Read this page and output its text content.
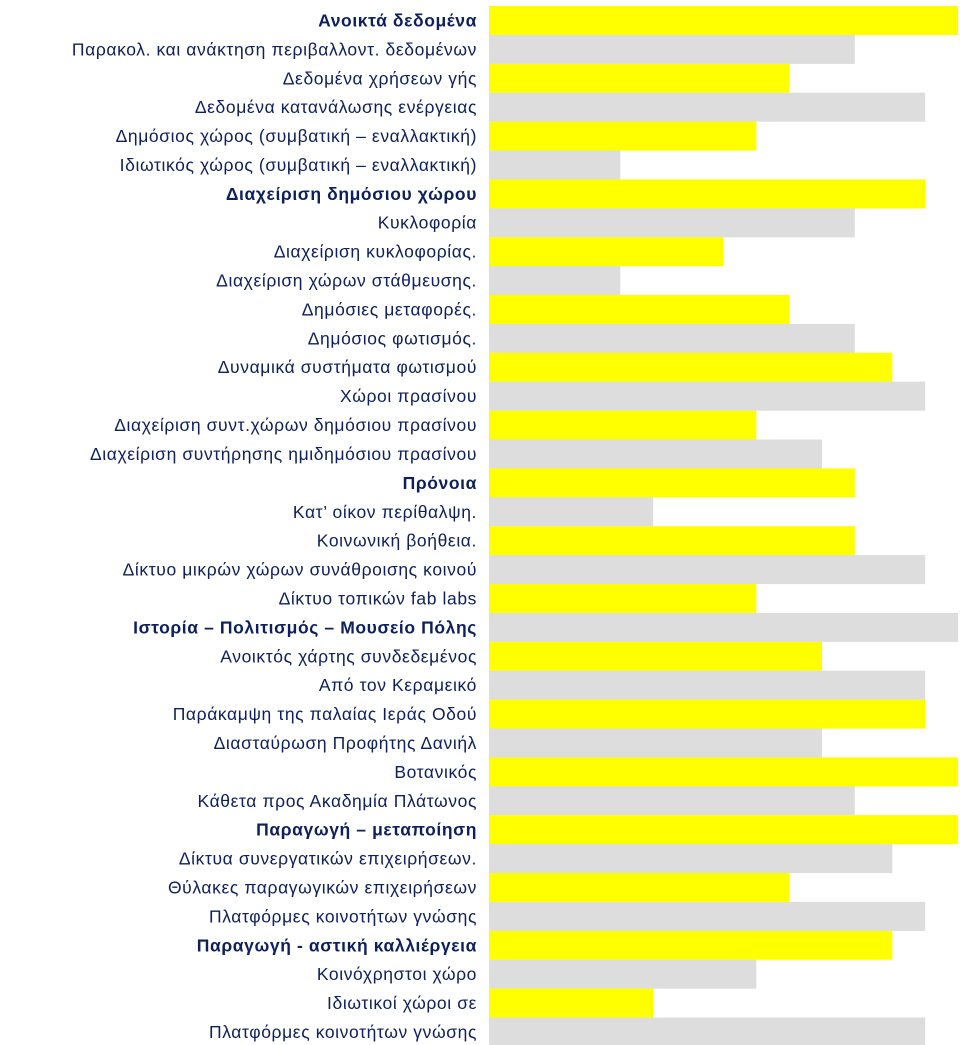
Ανοικτά δεδομένα
Παρακολ. και ανάκτηση περιβαλλοντ. δεδομένων
Δεδομένα χρήσεων γής
Δεδομένα κατανάλωσης ενέργειας
Δημόσιος χώρος (συμβατική – εναλλακτική)
Ιδιωτικός χώρος (συμβατική – εναλλακτική)
Διαχείριση δημόσιου χώρου
Κυκλοφορία
Διαχείριση κυκλοφορίας.
Διαχείριση χώρων στάθμευσης.
Δημόσιες μεταφορές.
Δημόσιος φωτισμός.
Δυναμικά συστήματα φωτισμού
Χώροι πρασίνου
Διαχείριση συντ.χώρων δημόσιου πρασίνου
Διαχείριση συντήρησης ημιδημόσιου πρασίνου
Πρόνοια
Κατ’ οίκον περίθαλψη.
Κοινωνική βοήθεια.
Δίκτυο μικρών χώρων συνάθροισης κοινού
Δίκτυο τοπικών fab labs
Ιστορία – Πολιτισμός – Μουσείο Πόλης
Ανοικτός χάρτης συνδεδεμένος
Από τον Κεραμεικό
Παράκαμψη της παλαίας Ιεράς Οδού
Διασταύρωση Προφήτης Δανιήλ
Βοτανικός
Κάθετα προς Ακαδημία Πλάτωνος
Παραγωγή – μεταποίηση
Δίκτυα συνεργατικών επιχειρήσεων.
Θύλακες παραγωγικών επιχειρήσεων
Πλατφόρμες κοινοτήτων γνώσης
Παραγωγή - αστική καλλιέργεια
Κοινόχρηστοι χώρο
Ιδιωτικοί χώροι σε
Πλατφόρμες κοινοτήτων γνώσης
